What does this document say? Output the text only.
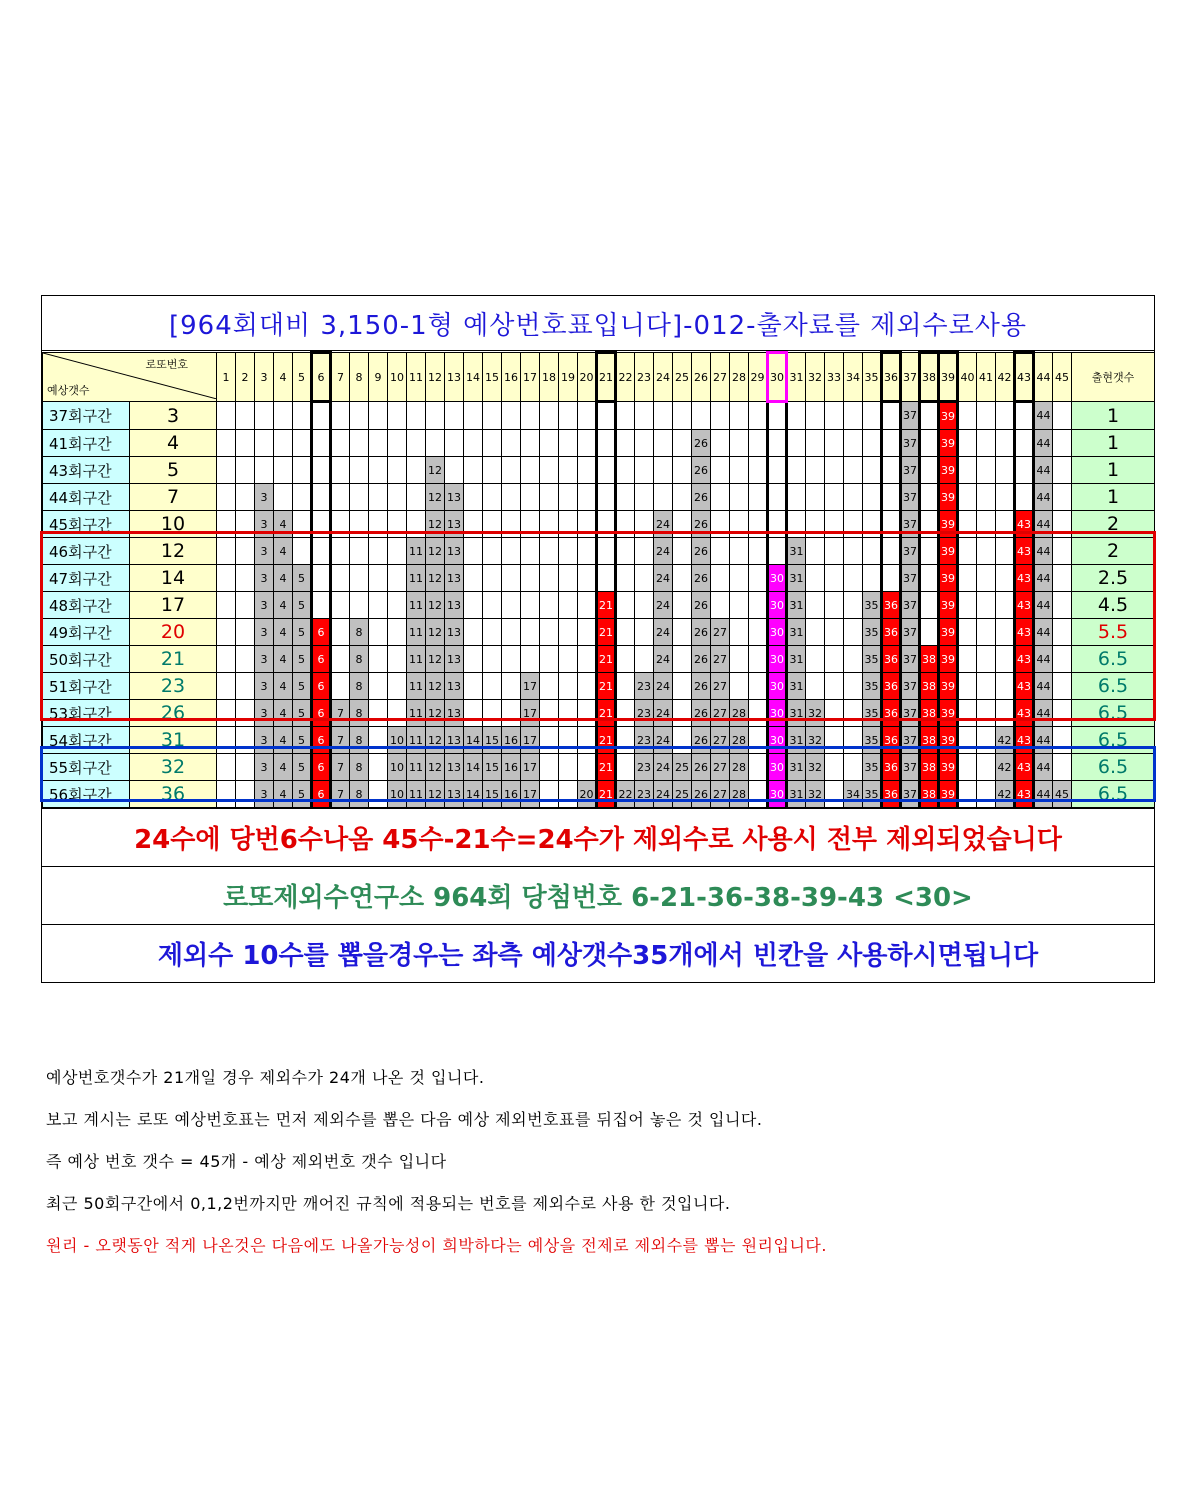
[964회대비 3,150-1형 예상번호표입니다]-012-출자료를 제외수로사용
로또번호
예상갯수		1	2	3	4	5	6	7	8	9	10	11	12	13	14	15	16	17	18	19	20	21	22	23	24	25	26	27	28	29	30	31	32	33	34	35	36	37	38	39	40	41	42	43	44	45	출현갯수
37회구간	3																																					37		39					44		1
41회구간	4																										26											37		39					44		1
43회구간	5												12														26											37		39					44		1
44회구간	7			3									12	13													26											37		39					44		1
45회구간	10			3	4								12	13											24		26											37		39				43	44		2
46회구간	12			3	4							11	12	13											24		26					31						37		39				43	44		2
47회구간	14			3	4	5						11	12	13											24		26				30	31						37		39				43	44		2.5
48회구간	17			3	4	5						11	12	13								21			24		26				30	31				35	36	37		39				43	44		4.5
49회구간	20			3	4	5	6		8			11	12	13								21			24		26	27			30	31				35	36	37		39				43	44		5.5
50회구간	21			3	4	5	6		8			11	12	13								21			24		26	27			30	31				35	36	37	38	39				43	44		6.5
51회구간	23			3	4	5	6		8			11	12	13				17				21		23	24		26	27			30	31				35	36	37	38	39				43	44		6.5
53회구간	26			3	4	5	6	7	8			11	12	13				17				21		23	24		26	27	28		30	31	32			35	36	37	38	39				43	44		6.5
54회구간	31			3	4	5	6	7	8		10	11	12	13	14	15	16	17				21		23	24		26	27	28		30	31	32			35	36	37	38	39			42	43	44		6.5
55회구간	32			3	4	5	6	7	8		10	11	12	13	14	15	16	17				21		23	24	25	26	27	28		30	31	32			35	36	37	38	39			42	43	44		6.5
56회구간	36			3	4	5	6	7	8		10	11	12	13	14	15	16	17			20	21	22	23	24	25	26	27	28		30	31	32		34	35	36	37	38	39			42	43	44	45	6.5
24수에 당번6수나옴 45수-21수=24수가 제외수로 사용시 전부 제외되었습니다
로또제외수연구소 964회 당첨번호 6-21-36-38-39-43 <30>
제외수 10수를 뽑을경우는 좌측 예상갯수35개에서 빈칸을 사용하시면됩니다

예상번호갯수가 21개일 경우 제외수가 24개 나온 것 입니다.

보고 계시는 로또 예상번호표는 먼저 제외수를 뽑은 다음 예상 제외번호표를 뒤집어 놓은 것 입니다.

즉 예상 번호 갯수 = 45개 - 예상 제외번호 갯수 입니다

최근 50회구간에서 0,1,2번까지만 깨어진 규칙에 적용되는 번호를 제외수로 사용 한 것입니다.

원리 - 오랫동안 적게 나온것은 다음에도 나올가능성이 희박하다는 예상을 전제로 제외수를 뽑는 원리입니다.
